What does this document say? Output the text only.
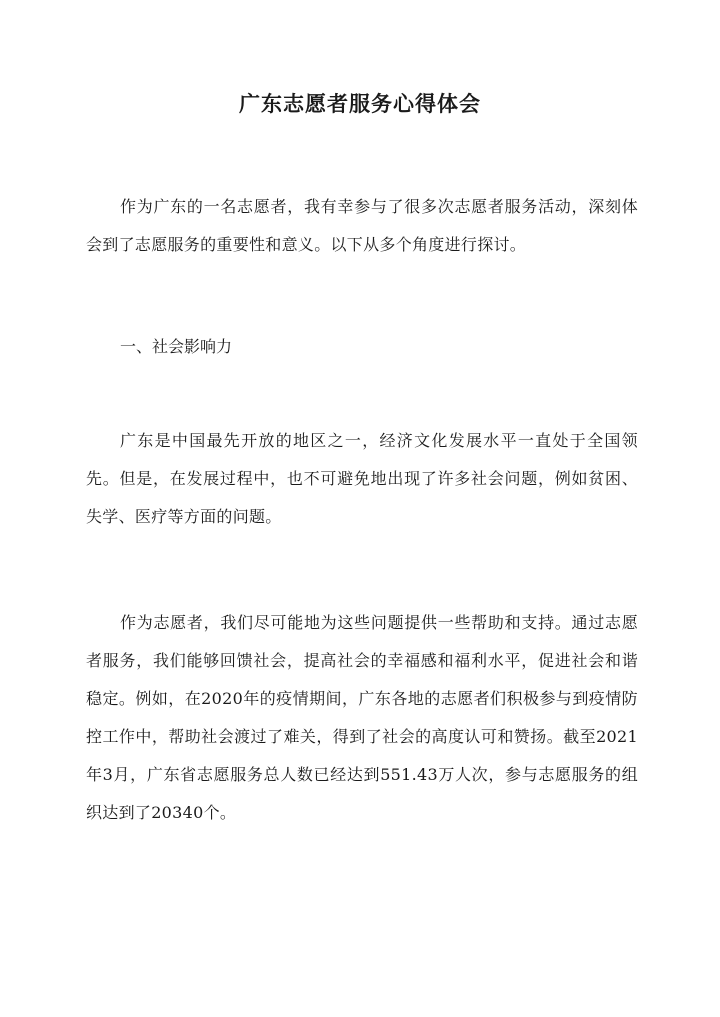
广东志愿者服务心得体会

作为广东的一名志愿者，我有幸参与了很多次志愿者服务活动，深刻体会到了志愿服务的重要性和意义。以下从多个角度进行探讨。

一、社会影响力

广东是中国最先开放的地区之一，经济文化发展水平一直处于全国领先。但是，在发展过程中，也不可避免地出现了许多社会问题，例如贫困、失学、医疗等方面的问题。

作为志愿者，我们尽可能地为这些问题提供一些帮助和支持。通过志愿者服务，我们能够回馈社会，提高社会的幸福感和福利水平，促进社会和谐稳定。例如，在2020年的疫情期间，广东各地的志愿者们积极参与到疫情防控工作中，帮助社会渡过了难关，得到了社会的高度认可和赞扬。截至2021年3月，广东省志愿服务总人数已经达到551.43万人次，参与志愿服务的组织达到了20340个。
